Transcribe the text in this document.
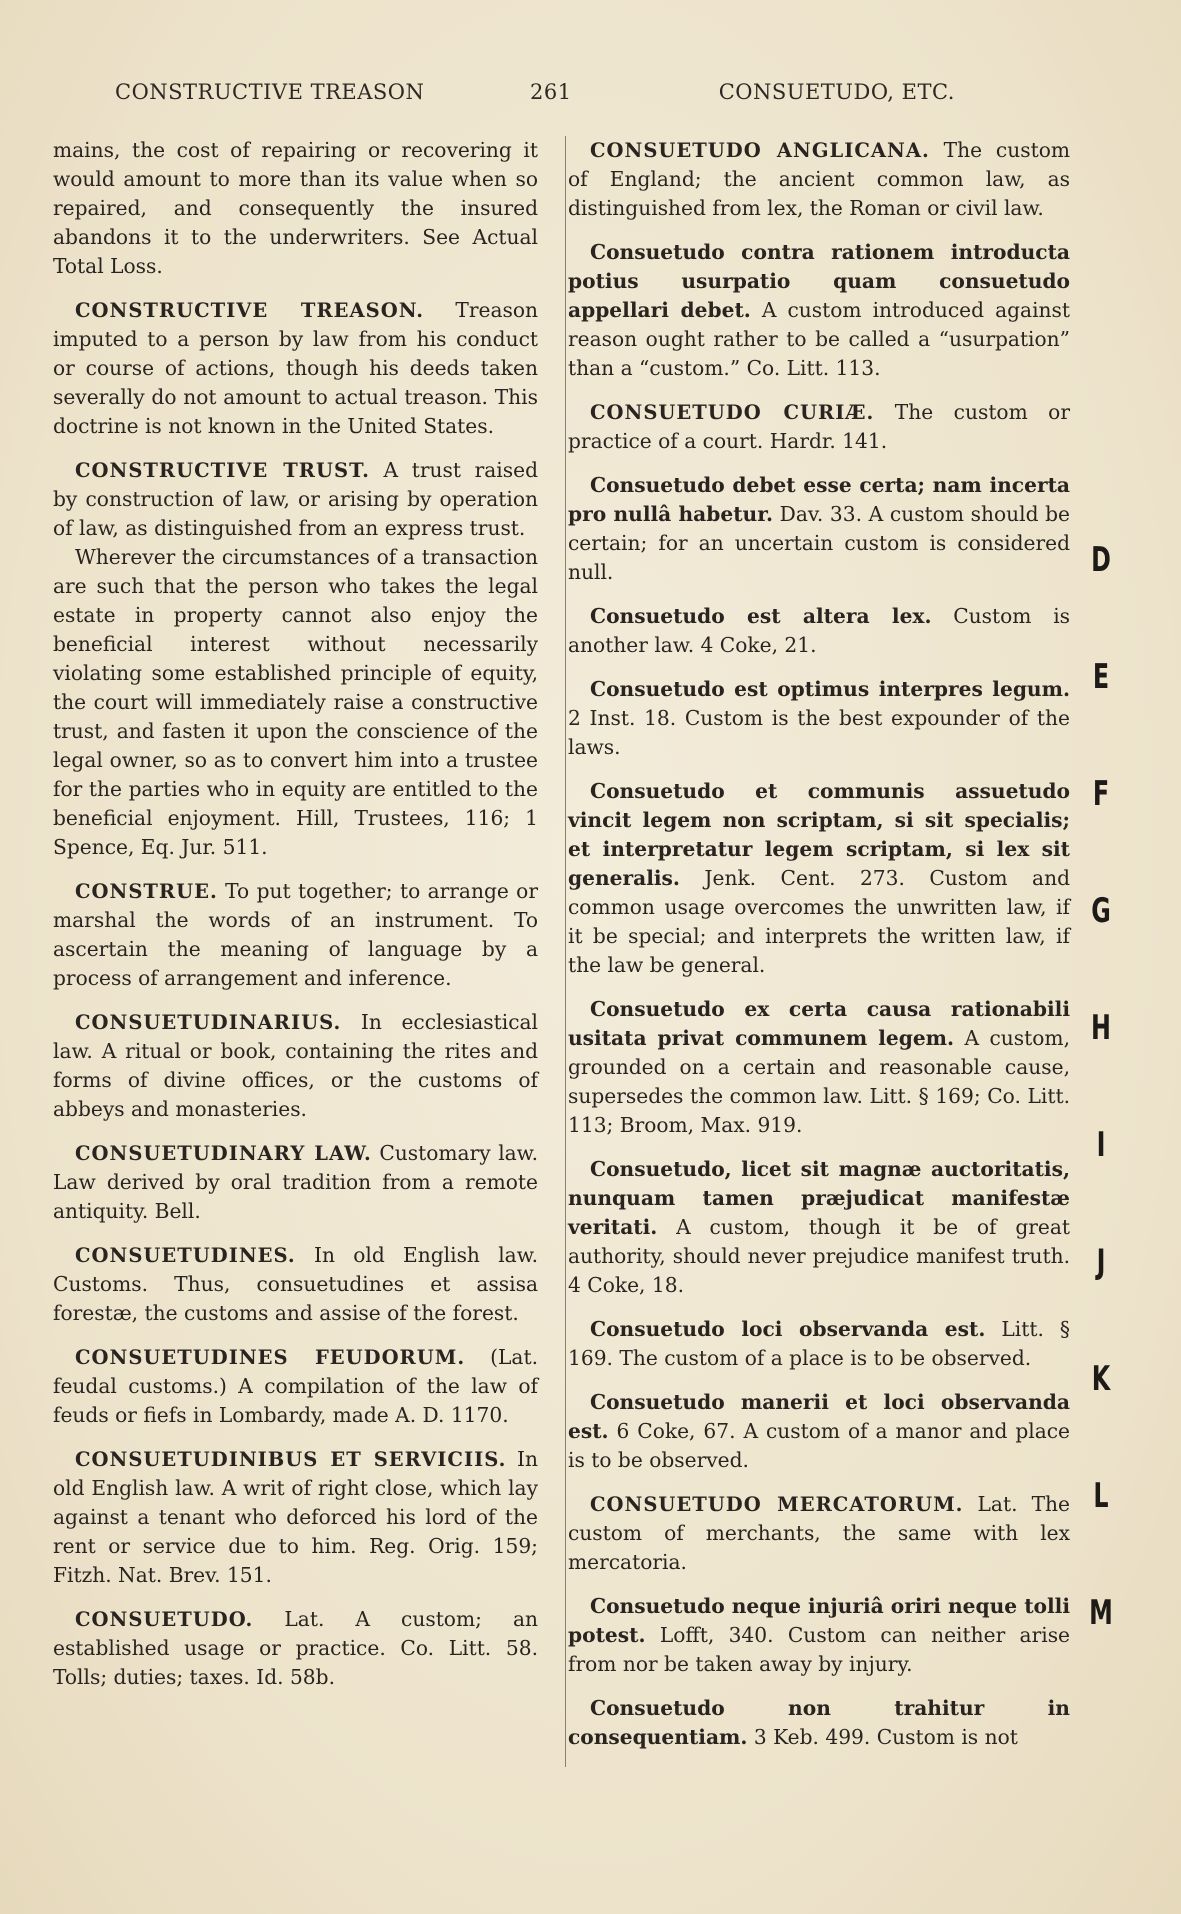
CONSTRUCTIVE TREASON	261	CONSUETUDO, ETC.

mains, the cost of repairing or recovering it would amount to more than its value when so repaired, and consequently the insured abandons it to the underwriters. See Actual Total Loss.

CONSTRUCTIVE TREASON. Treason imputed to a person by law from his conduct or course of actions, though his deeds taken severally do not amount to actual treason. This doctrine is not known in the United States.

CONSTRUCTIVE TRUST. A trust raised by construction of law, or arising by operation of law, as distinguished from an express trust.

Wherever the circumstances of a transaction are such that the person who takes the legal estate in property cannot also enjoy the beneficial interest without necessarily violating some established principle of equity, the court will immediately raise a constructive trust, and fasten it upon the conscience of the legal owner, so as to convert him into a trustee for the parties who in equity are entitled to the beneficial enjoyment. Hill, Trustees, 116; 1 Spence, Eq. Jur. 511.

CONSTRUE. To put together; to arrange or marshal the words of an instrument. To ascertain the meaning of language by a process of arrangement and inference.

CONSUETUDINARIUS. In ecclesiastical law. A ritual or book, containing the rites and forms of divine offices, or the customs of abbeys and monasteries.

CONSUETUDINARY LAW. Customary law. Law derived by oral tradition from a remote antiquity. Bell.

CONSUETUDINES. In old English law. Customs. Thus, consuetudines et assisa forestæ, the customs and assise of the forest.

CONSUETUDINES FEUDORUM. (Lat. feudal customs.) A compilation of the law of feuds or fiefs in Lombardy, made A. D. 1170.

CONSUETUDINIBUS ET SERVICIIS. In old English law. A writ of right close, which lay against a tenant who deforced his lord of the rent or service due to him. Reg. Orig. 159; Fitzh. Nat. Brev. 151.

CONSUETUDO. Lat. A custom; an established usage or practice. Co. Litt. 58. Tolls; duties; taxes. Id. 58b.

CONSUETUDO ANGLICANA. The custom of England; the ancient common law, as distinguished from lex, the Roman or civil law.

Consuetudo contra rationem introducta potius usurpatio quam consuetudo appellari debet. A custom introduced against reason ought rather to be called a “usurpation” than a “custom.” Co. Litt. 113.

CONSUETUDO CURIÆ. The custom or practice of a court. Hardr. 141.

Consuetudo debet esse certa; nam incerta pro nullâ habetur. Dav. 33. A custom should be certain; for an uncertain custom is considered null.

Consuetudo est altera lex. Custom is another law. 4 Coke, 21.

Consuetudo est optimus interpres legum. 2 Inst. 18. Custom is the best expounder of the laws.

Consuetudo et communis assuetudo vincit legem non scriptam, si sit specialis; et interpretatur legem scriptam, si lex sit generalis. Jenk. Cent. 273. Custom and common usage overcomes the unwritten law, if it be special; and interprets the written law, if the law be general.

Consuetudo ex certa causa rationabili usitata privat communem legem. A custom, grounded on a certain and reasonable cause, supersedes the common law. Litt. § 169; Co. Litt. 113; Broom, Max. 919.

Consuetudo, licet sit magnæ auctoritatis, nunquam tamen præjudicat manifestæ veritati. A custom, though it be of great authority, should never prejudice manifest truth. 4 Coke, 18.

Consuetudo loci observanda est. Litt. § 169. The custom of a place is to be observed.

Consuetudo manerii et loci observanda est. 6 Coke, 67. A custom of a manor and place is to be observed.

CONSUETUDO MERCATORUM. Lat. The custom of merchants, the same with lex mercatoria.

Consuetudo neque injuriâ oriri neque tolli potest. Lofft, 340. Custom can neither arise from nor be taken away by injury.

Consuetudo non trahitur in consequentiam. 3 Keb. 499. Custom is not

D
E
F
G
H
I
J
K
L
M
